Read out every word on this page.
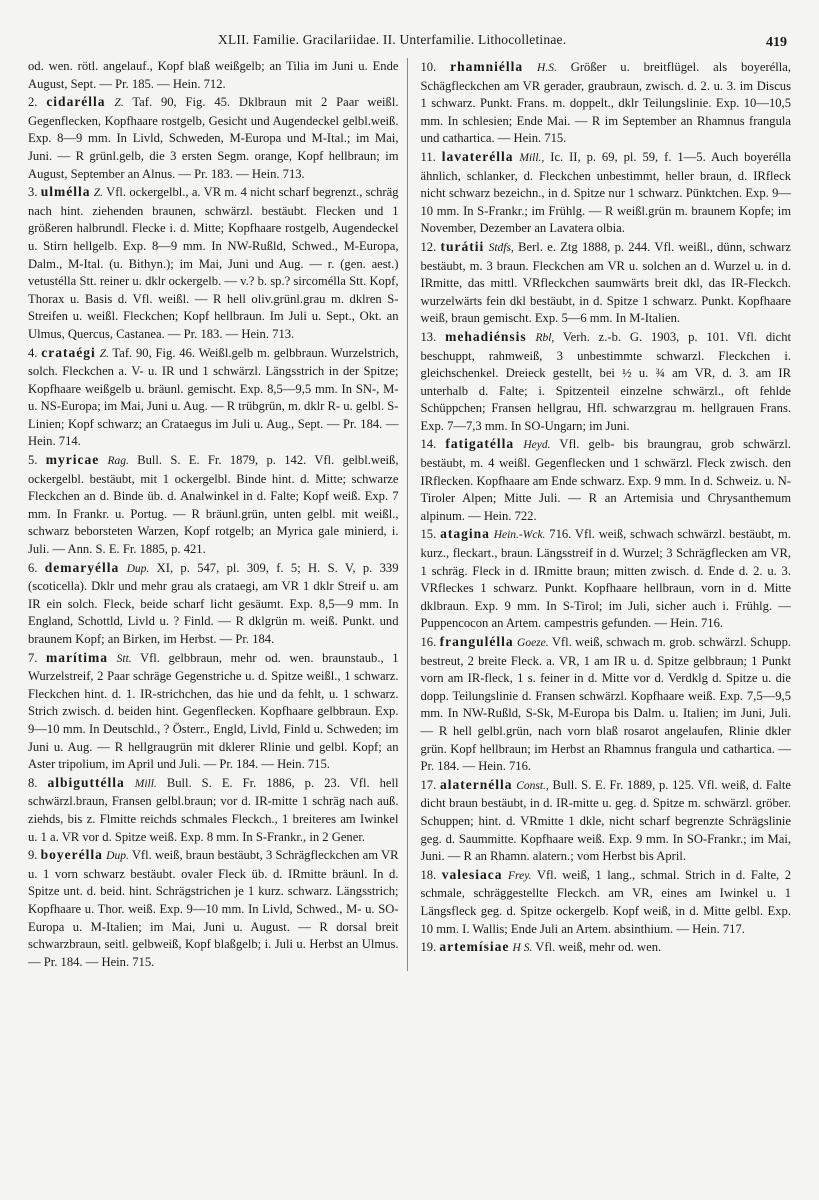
XLII. Familie. Gracilariidae. II. Unterfamilie. Lithocolletinae.	419

od. wen. rötl. angelauf., Kopf blaß weißgelb; an Tilia im Juni u. Ende August, Sept. — Pr. 185. — Hein. 712.

2. cidarélla Z. Taf. 90, Fig. 45. Dklbraun mit 2 Paar weißl. Gegenflecken, Kopfhaare rostgelb, Gesicht und Augendeckel gelbl.weiß. Exp. 8—9 mm. In Livld, Schweden, M-Europa und M-Ital.; im Mai, Juni. — R grünl.gelb, die 3 ersten Segm. orange, Kopf hellbraun; im August, September an Alnus. — Pr. 183. — Hein. 713.

3. ulmélla Z. Vfl. ockergelbl., a. VR m. 4 nicht scharf begrenzt., schräg nach hint. ziehenden braunen, schwärzl. bestäubt. Flecken und 1 größeren halbrundl. Flecke i. d. Mitte; Kopfhaare rostgelb, Augendeckel u. Stirn hellgelb. Exp. 8—9 mm. In NW-Rußld, Schwed., M-Europa, Dalm., M-Ital. (u. Bithyn.); im Mai, Juni und Aug. — r. (gen. aest.) vetustélla Stt. reiner u. dklr ockergelb. — v.? b. sp.? sircomélla Stt. Kopf, Thorax u. Basis d. Vfl. weißl. — R hell oliv.grünl.grau m. dklren S-Streifen u. weißl. Fleckchen; Kopf hellbraun. Im Juli u. Sept., Okt. an Ulmus, Quercus, Castanea. — Pr. 183. — Hein. 713.

4. crataégi Z. Taf. 90, Fig. 46. Weißl.gelb m. gelbbraun. Wurzelstrich, solch. Fleckchen a. V- u. IR und 1 schwärzl. Längsstrich in der Spitze; Kopfhaare weißgelb u. bräunl. gemischt. Exp. 8,5—9,5 mm. In SN-, M- u. NS-Europa; im Mai, Juni u. Aug. — R trübgrün, m. dklr R- u. gelbl. S-Linien; Kopf schwarz; an Crataegus im Juli u. Aug., Sept. — Pr. 184. — Hein. 714.

5. myricae Rag. Bull. S. E. Fr. 1879, p. 142. Vfl. gelbl.weiß, ockergelbl. bestäubt, mit 1 ockergelbl. Binde hint. d. Mitte; schwarze Fleckchen an d. Binde üb. d. Analwinkel in d. Falte; Kopf weiß. Exp. 7 mm. In Frankr. u. Portug. — R bräunl.grün, unten gelbl. mit weißl., schwarz beborsteten Warzen, Kopf rotgelb; an Myrica gale minierd, i. Juli. — Ann. S. E. Fr. 1885, p. 421.

6. demaryélla Dup. XI, p. 547, pl. 309, f. 5; H. S. V, p. 339 (scoticella). Dklr und mehr grau als crataegi, am VR 1 dklr Streif u. am IR ein solch. Fleck, beide scharf licht gesäumt. Exp. 8,5—9 mm. In England, Schottld, Livld u. ? Finld. — R dklgrün m. weiß. Punkt. und braunem Kopf; an Birken, im Herbst. — Pr. 184.

7. marítima Stt. Vfl. gelbbraun, mehr od. wen. braunstaub., 1 Wurzelstreif, 2 Paar schräge Gegenstriche u. d. Spitze weißl., 1 schwarz. Fleckchen hint. d. 1. IR-strichchen, das hie und da fehlt, u. 1 schwarz. Strich zwisch. d. beiden hint. Gegenflecken. Kopfhaare gelbbraun. Exp. 9—10 mm. In Deutschld., ? Österr., Engld, Livld, Finld u. Schweden; im Juni u. Aug. — R hellgraugrün mit dklerer Rlinie und gelbl. Kopf; an Aster tripolium, im April und Juli. — Pr. 184. — Hein. 715.

8. albiguttélla Mill. Bull. S. E. Fr. 1886, p. 23. Vfl. hell schwärzl.braun, Fransen gelbl.braun; vor d. IR-mitte 1 schräg nach auß. ziehds, bis z. Flmitte reichds schmales Fleckch., 1 breiteres am Iwinkel u. 1 a. VR vor d. Spitze weiß. Exp. 8 mm. In S-Frankr., in 2 Gener.

9. boyerélla Dup. Vfl. weiß, braun bestäubt, 3 Schrägfleckchen am VR u. 1 vorn schwarz bestäubt. ovaler Fleck üb. d. IRmitte bräunl. In d. Spitze unt. d. beid. hint. Schrägstrichen je 1 kurz. schwarz. Längsstrich; Kopfhaare u. Thor. weiß. Exp. 9—10 mm. In Livld, Schwed., M- u. SO-Europa u. M-Italien; im Mai, Juni u. August. — R dorsal breit schwarzbraun, seitl. gelbweiß, Kopf blaßgelb; i. Juli u. Herbst an Ulmus. — Pr. 184. — Hein. 715.

10. rhamniélla H.S. Größer u. breitflügel. als boyerélla, Schägfleckchen am VR gerader, graubraun, zwisch. d. 2. u. 3. im Discus 1 schwarz. Punkt. Frans. m. doppelt., dklr Teilungslinie. Exp. 10—10,5 mm. In schlesien; Ende Mai. — R im September an Rhamnus frangula und cathartica. — Hein. 715.

11. lavaterélla Mill., Ic. II, p. 69, pl. 59, f. 1—5. Auch boyerélla ähnlich, schlanker, d. Fleckchen unbestimmt, heller braun, d. IRfleck nicht schwarz bezeichn., in d. Spitze nur 1 schwarz. Pünktchen. Exp. 9—10 mm. In S-Frankr.; im Frühlg. — R weißl.grün m. braunem Kopfe; im November, Dezember an Lavatera olbia.

12. turátii Stdfs, Berl. e. Ztg 1888, p. 244. Vfl. weißl., dünn, schwarz bestäubt, m. 3 braun. Fleckchen am VR u. solchen an d. Wurzel u. in d. IRmitte, das mittl. VRfleckchen saumwärts breit dkl, das IR-Fleckch. wurzelwärts fein dkl bestäubt, in d. Spitze 1 schwarz. Punkt. Kopfhaare weiß, braun gemischt. Exp. 5—6 mm. In M-Italien.

13. mehadiénsis Rbl, Verh. z.-b. G. 1903, p. 101. Vfl. dicht beschuppt, rahmweiß, 3 unbestimmte schwarzl. Fleckchen i. gleichschenkel. Dreieck gestellt, bei ½ u. ¾ am VR, d. 3. am IR unterhalb d. Falte; i. Spitzenteil einzelne schwärzl., oft fehlde Schüppchen; Fransen hellgrau, Hfl. schwarzgrau m. hellgrauen Frans. Exp. 7—7,3 mm. In SO-Ungarn; im Juni.

14. fatigatélla Heyd. Vfl. gelb- bis braungrau, grob schwärzl. bestäubt, m. 4 weißl. Gegenflecken und 1 schwärzl. Fleck zwisch. den IRflecken. Kopfhaare am Ende schwarz. Exp. 9 mm. In d. Schweiz. u. N-Tiroler Alpen; Mitte Juli. — R an Artemisia und Chrysanthemum alpinum. — Hein. 722.

15. atagina Hein.-Wck. 716. Vfl. weiß, schwach schwärzl. bestäubt, m. kurz., fleckart., braun. Längsstreif in d. Wurzel; 3 Schrägflecken am VR, 1 schräg. Fleck in d. IRmitte braun; mitten zwisch. d. Ende d. 2. u. 3. VRfleckes 1 schwarz. Punkt. Kopfhaare hellbraun, vorn in d. Mitte dklbraun. Exp. 9 mm. In S-Tirol; im Juli, sicher auch i. Frühlg. — Puppencocon an Artem. campestris gefunden. — Hein. 716.

16. frangulélla Goeze. Vfl. weiß, schwach m. grob. schwärzl. Schupp. bestreut, 2 breite Fleck. a. VR, 1 am IR u. d. Spitze gelbbraun; 1 Punkt vorn am IR-fleck, 1 s. feiner in d. Mitte vor d. Verdklg d. Spitze u. die dopp. Teilungslinie d. Fransen schwärzl. Kopfhaare weiß. Exp. 7,5—9,5 mm. In NW-Rußld, S-Sk, M-Europa bis Dalm. u. Italien; im Juni, Juli. — R hell gelbl.grün, nach vorn blaß rosarot angelaufen, Rlinie dkler grün. Kopf hellbraun; im Herbst an Rhamnus frangula und cathartica. — Pr. 184. — Hein. 716.

17. alaternélla Const., Bull. S. E. Fr. 1889, p. 125. Vfl. weiß, d. Falte dicht braun bestäubt, in d. IR-mitte u. geg. d. Spitze m. schwärzl. gröber. Schuppen; hint. d. VRmitte 1 dkle, nicht scharf begrenzte Schrägslinie geg. d. Saummitte. Kopfhaare weiß. Exp. 9 mm. In SO-Frankr.; im Mai, Juni. — R an Rhamn. alatern.; vom Herbst bis April.

18. valesiaca Frey. Vfl. weiß, 1 lang., schmal. Strich in d. Falte, 2 schmale, schräggestellte Fleckch. am VR, eines am Iwinkel u. 1 Längsfleck geg. d. Spitze ockergelb. Kopf weiß, in d. Mitte gelbl. Exp. 10 mm. I. Wallis; Ende Juli an Artem. absinthium. — Hein. 717.

19. artemísiae H S. Vfl. weiß, mehr od. wen.
